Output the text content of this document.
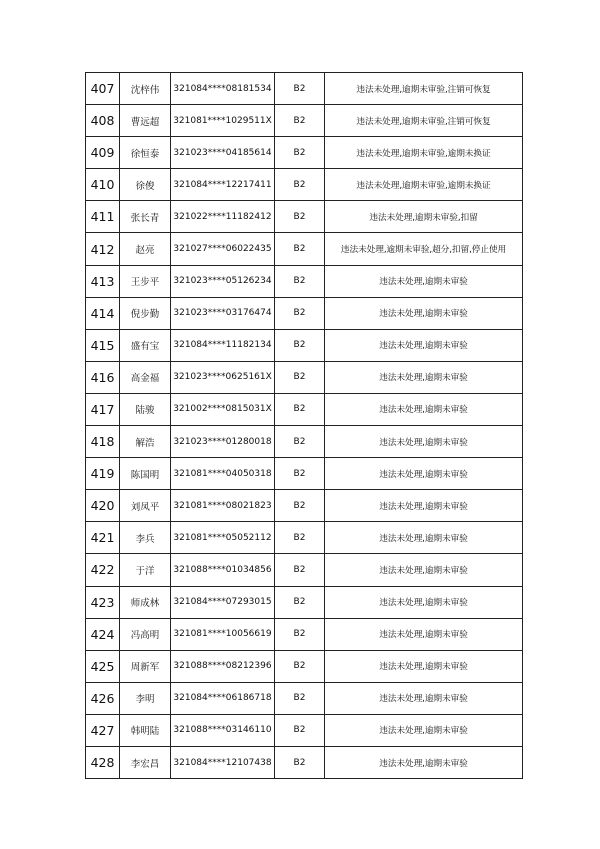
407	沈梓伟	321084****08181534	B2	违法未处理,逾期未审验,注销可恢复
408	曹远超	321081****1029511X	B2	违法未处理,逾期未审验,注销可恢复
409	徐恒泰	321023****04185614	B2	违法未处理,逾期未审验,逾期未换证
410	徐俊	321084****12217411	B2	违法未处理,逾期未审验,逾期未换证
411	张长青	321022****11182412	B2	违法未处理,逾期未审验,扣留
412	赵亮	321027****06022435	B2	违法未处理,逾期未审验,超分,扣留,停止使用
413	王步平	321023****05126234	B2	违法未处理,逾期未审验
414	倪步勤	321023****03176474	B2	违法未处理,逾期未审验
415	盛有宝	321084****11182134	B2	违法未处理,逾期未审验
416	高金福	321023****0625161X	B2	违法未处理,逾期未审验
417	陆骏	321002****0815031X	B2	违法未处理,逾期未审验
418	解浩	321023****01280018	B2	违法未处理,逾期未审验
419	陈国明	321081****04050318	B2	违法未处理,逾期未审验
420	刘凤平	321081****08021823	B2	违法未处理,逾期未审验
421	李兵	321081****05052112	B2	违法未处理,逾期未审验
422	于洋	321088****01034856	B2	违法未处理,逾期未审验
423	师成林	321084****07293015	B2	违法未处理,逾期未审验
424	冯高明	321081****10056619	B2	违法未处理,逾期未审验
425	周新军	321088****08212396	B2	违法未处理,逾期未审验
426	李明	321084****06186718	B2	违法未处理,逾期未审验
427	韩明陆	321088****03146110	B2	违法未处理,逾期未审验
428	李宏昌	321084****12107438	B2	违法未处理,逾期未审验
